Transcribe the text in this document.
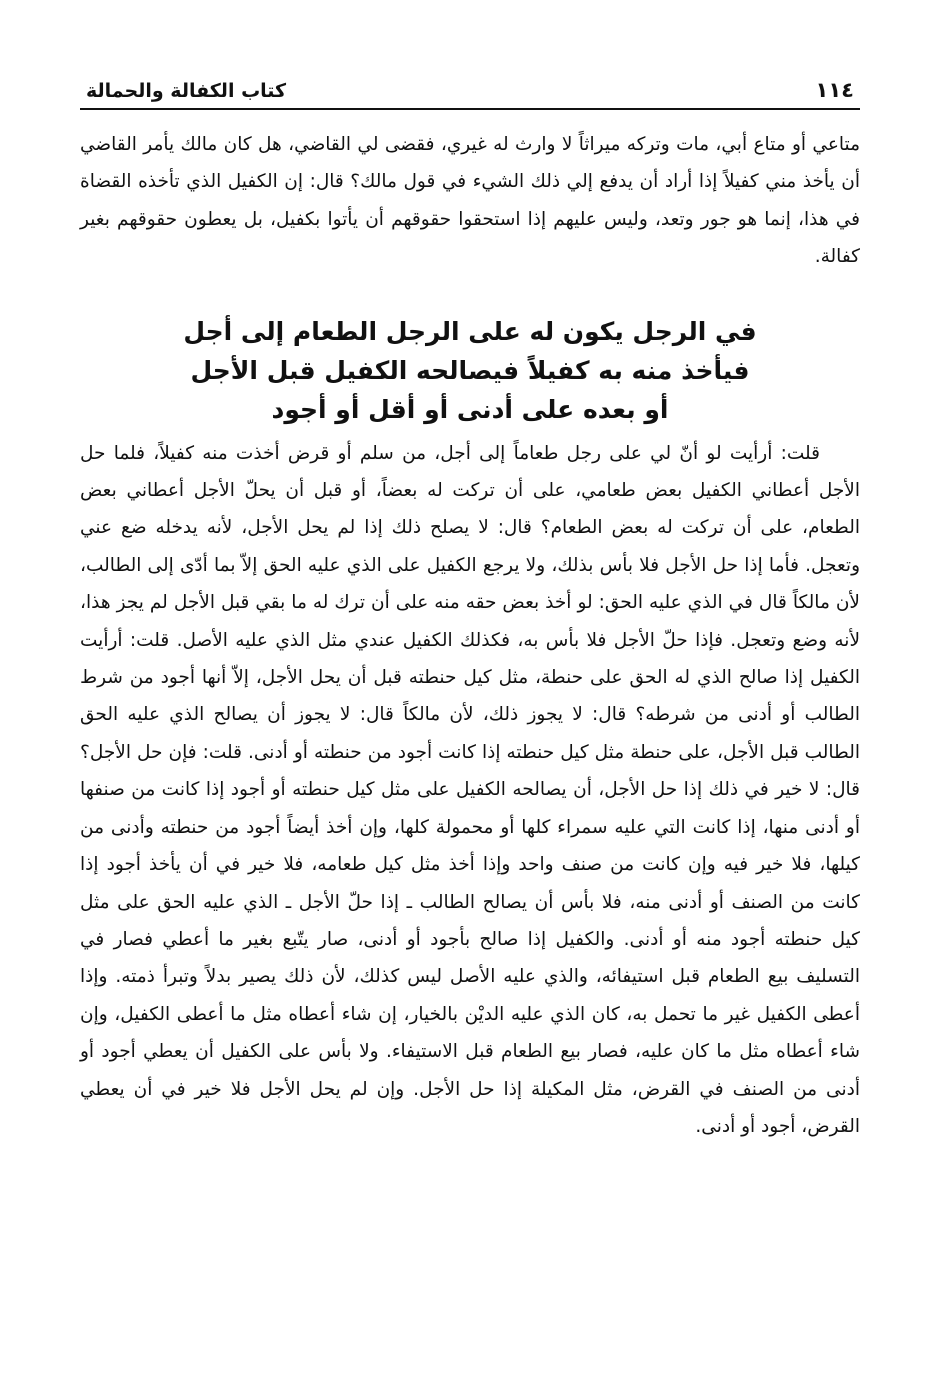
١١٤
كتاب الكفالة والحمالة

متاعي أو متاع أبي، مات وتركه ميراثاً لا وارث له غيري، فقضى لي القاضي، هل كان مالك يأمر القاضي أن يأخذ مني كفيلاً إذا أراد أن يدفع إلي ذلك الشيء في قول مالك؟ قال: إن الكفيل الذي تأخذه القضاة في هذا، إنما هو جور وتعد، وليس عليهم إذا استحقوا حقوقهم أن يأتوا بكفيل، بل يعطون حقوقهم بغير كفالة.

في الرجل يكون له على الرجل الطعام إلى أجل
فيأخذ منه به كفيلاً فيصالحه الكفيل قبل الأجل
أو بعده على أدنى أو أقل أو أجود

قلت: أرأيت لو أنّ لي على رجل طعاماً إلى أجل، من سلم أو قرض أخذت منه كفيلاً، فلما حل الأجل أعطاني الكفيل بعض طعامي، على أن تركت له بعضاً، أو قبل أن يحلّ الأجل أعطاني بعض الطعام، على أن تركت له بعض الطعام؟ قال: لا يصلح ذلك إذا لم يحل الأجل، لأنه يدخله ضع عني وتعجل. فأما إذا حل الأجل فلا بأس بذلك، ولا يرجع الكفيل على الذي عليه الحق إلاّ بما أدّى إلى الطالب، لأن مالكاً قال في الذي عليه الحق: لو أخذ بعض حقه منه على أن ترك له ما بقي قبل الأجل لم يجز هذا، لأنه وضع وتعجل. فإذا حلّ الأجل فلا بأس به، فكذلك الكفيل عندي مثل الذي عليه الأصل. قلت: أرأيت الكفيل إذا صالح الذي له الحق على حنطة، مثل كيل حنطته قبل أن يحل الأجل، إلاّ أنها أجود من شرط الطالب أو أدنى من شرطه؟ قال: لا يجوز ذلك، لأن مالكاً قال: لا يجوز أن يصالح الذي عليه الحق الطالب قبل الأجل، على حنطة مثل كيل حنطته إذا كانت أجود من حنطته أو أدنى. قلت: فإن حل الأجل؟ قال: لا خير في ذلك إذا حل الأجل، أن يصالحه الكفيل على مثل كيل حنطته أو أجود إذا كانت من صنفها أو أدنى منها، إذا كانت التي عليه سمراء كلها أو محمولة كلها، وإن أخذ أيضاً أجود من حنطته وأدنى من كيلها، فلا خير فيه وإن كانت من صنف واحد وإذا أخذ مثل كيل طعامه، فلا خير في أن يأخذ أجود إذا كانت من الصنف أو أدنى منه، فلا بأس أن يصالح الطالب ـ إذا حلّ الأجل ـ الذي عليه الحق على مثل كيل حنطته أجود منه أو أدنى. والكفيل إذا صالح بأجود أو أدنى، صار يتّبع بغير ما أعطي فصار في التسليف بيع الطعام قبل استيفائه، والذي عليه الأصل ليس كذلك، لأن ذلك يصير بدلاً وتبرأ ذمته. وإذا أعطى الكفيل غير ما تحمل به، كان الذي عليه الديْن بالخيار، إن شاء أعطاه مثل ما أعطى الكفيل، وإن شاء أعطاه مثل ما كان عليه، فصار بيع الطعام قبل الاستيفاء. ولا بأس على الكفيل أن يعطي أجود أو أدنى من الصنف في القرض، مثل المكيلة إذا حل الأجل. وإن لم يحل الأجل فلا خير في أن يعطي القرض، أجود أو أدنى.
